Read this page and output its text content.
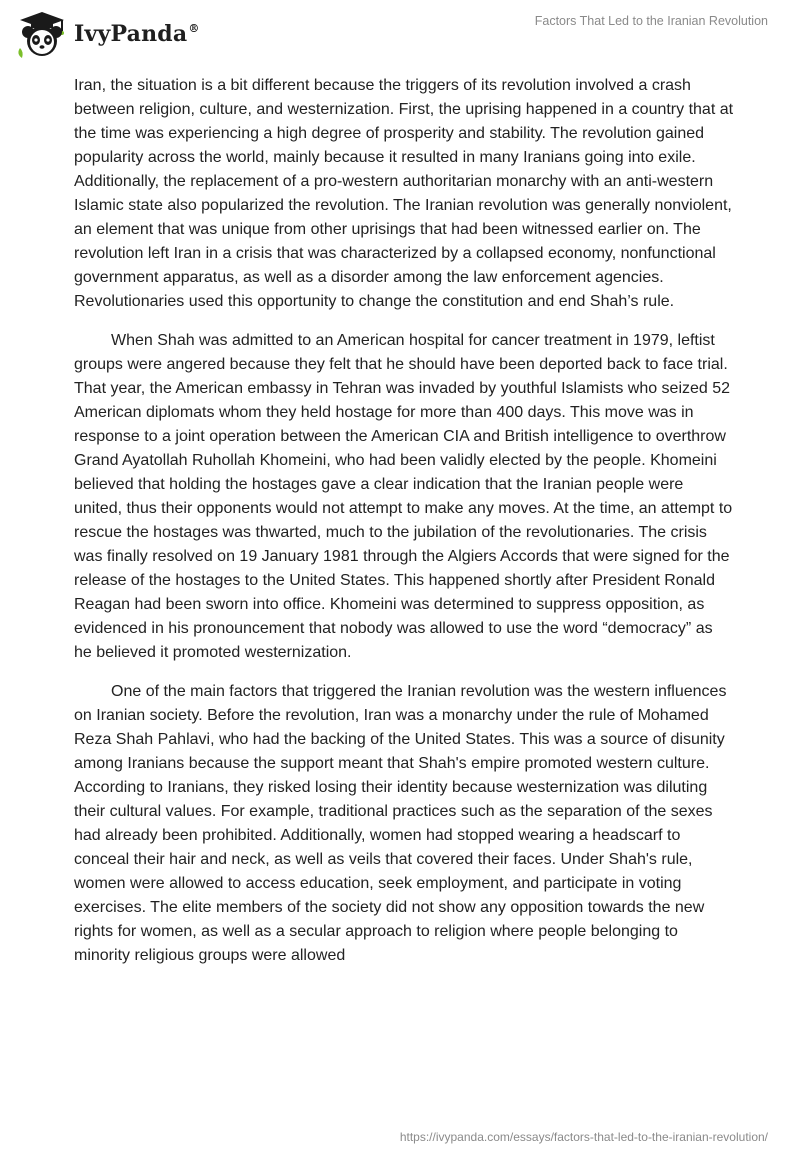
IvyPanda®
Factors That Led to the Iranian Revolution

Iran, the situation is a bit different because the triggers of its revolution involved a crash between religion, culture, and westernization. First, the uprising happened in a country that at the time was experiencing a high degree of prosperity and stability. The revolution gained popularity across the world, mainly because it resulted in many Iranians going into exile. Additionally, the replacement of a pro-western authoritarian monarchy with an anti-western Islamic state also popularized the revolution. The Iranian revolution was generally nonviolent, an element that was unique from other uprisings that had been witnessed earlier on. The revolution left Iran in a crisis that was characterized by a collapsed economy, nonfunctional government apparatus, as well as a disorder among the law enforcement agencies. Revolutionaries used this opportunity to change the constitution and end Shah’s rule.

When Shah was admitted to an American hospital for cancer treatment in 1979, leftist groups were angered because they felt that he should have been deported back to face trial. That year, the American embassy in Tehran was invaded by youthful Islamists who seized 52 American diplomats whom they held hostage for more than 400 days. This move was in response to a joint operation between the American CIA and British intelligence to overthrow Grand Ayatollah Ruhollah Khomeini, who had been validly elected by the people. Khomeini believed that holding the hostages gave a clear indication that the Iranian people were united, thus their opponents would not attempt to make any moves. At the time, an attempt to rescue the hostages was thwarted, much to the jubilation of the revolutionaries. The crisis was finally resolved on 19 January 1981 through the Algiers Accords that were signed for the release of the hostages to the United States. This happened shortly after President Ronald Reagan had been sworn into office. Khomeini was determined to suppress opposition, as evidenced in his pronouncement that nobody was allowed to use the word “democracy” as he believed it promoted westernization.

One of the main factors that triggered the Iranian revolution was the western influences on Iranian society. Before the revolution, Iran was a monarchy under the rule of Mohamed Reza Shah Pahlavi, who had the backing of the United States. This was a source of disunity among Iranians because the support meant that Shah's empire promoted western culture. According to Iranians, they risked losing their identity because westernization was diluting their cultural values. For example, traditional practices such as the separation of the sexes had already been prohibited. Additionally, women had stopped wearing a headscarf to conceal their hair and neck, as well as veils that covered their faces. Under Shah's rule, women were allowed to access education, seek employment, and participate in voting exercises. The elite members of the society did not show any opposition towards the new rights for women, as well as a secular approach to religion where people belonging to minority religious groups were allowed

https://ivypanda.com/essays/factors-that-led-to-the-iranian-revolution/
